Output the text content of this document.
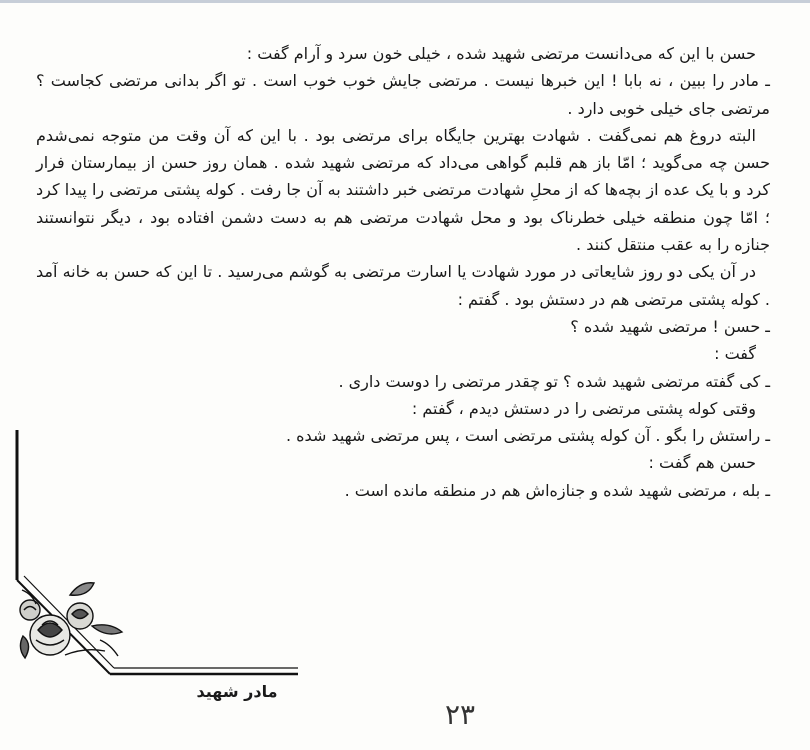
حسن با این که می‌دانست مرتضی شهید شده ، خیلی خون سرد و آرام گفت :

ـ مادر را ببین ، نه بابا ! این خبرها نیست . مرتضی جایش خوب خوب است . تو اگر بدانی مرتضی کجاست ؟ مرتضی جای خیلی خوبی دارد .

البته دروغ هم نمی‌گفت . شهادت بهترین جایگاه برای مرتضی بود . با این که آن وقت من متوجه نمی‌شدم حسن چه می‌گوید ؛ امّا باز هم قلبم گواهی می‌داد که مرتضی شهید شده . همان روز حسن از بیمارستان فرار کرد و با یک عده از بچه‌ها که از محلِ شهادت مرتضی خبر داشتند به آن جا رفت . کوله پشتی مرتضی را پیدا کرد ؛ امّا چون منطقه خیلی خطرناک بود و محل شهادت مرتضی هم به دست دشمن افتاده بود ، دیگر نتوانستند جنازه را به عقب منتقل کنند .

در آن یکی دو روز شایعاتی در مورد شهادت یا اسارت مرتضی به گوشم می‌رسید . تا این که حسن به خانه آمد . کوله پشتی مرتضی هم در دستش بود . گفتم :

ـ حسن ! مرتضی شهید شده ؟

گفت :

ـ کی گفته مرتضی شهید شده ؟ تو چقدر مرتضی را دوست داری .

وقتی کوله پشتی مرتضی را در دستش دیدم ، گفتم :

ـ راستش را بگو . آن کوله پشتی مرتضی است ، پس مرتضی شهید شده .

حسن هم گفت :

ـ بله ، مرتضی شهید شده و جنازه‌اش هم در منطقه مانده است .

مادر شهید
۲۳
